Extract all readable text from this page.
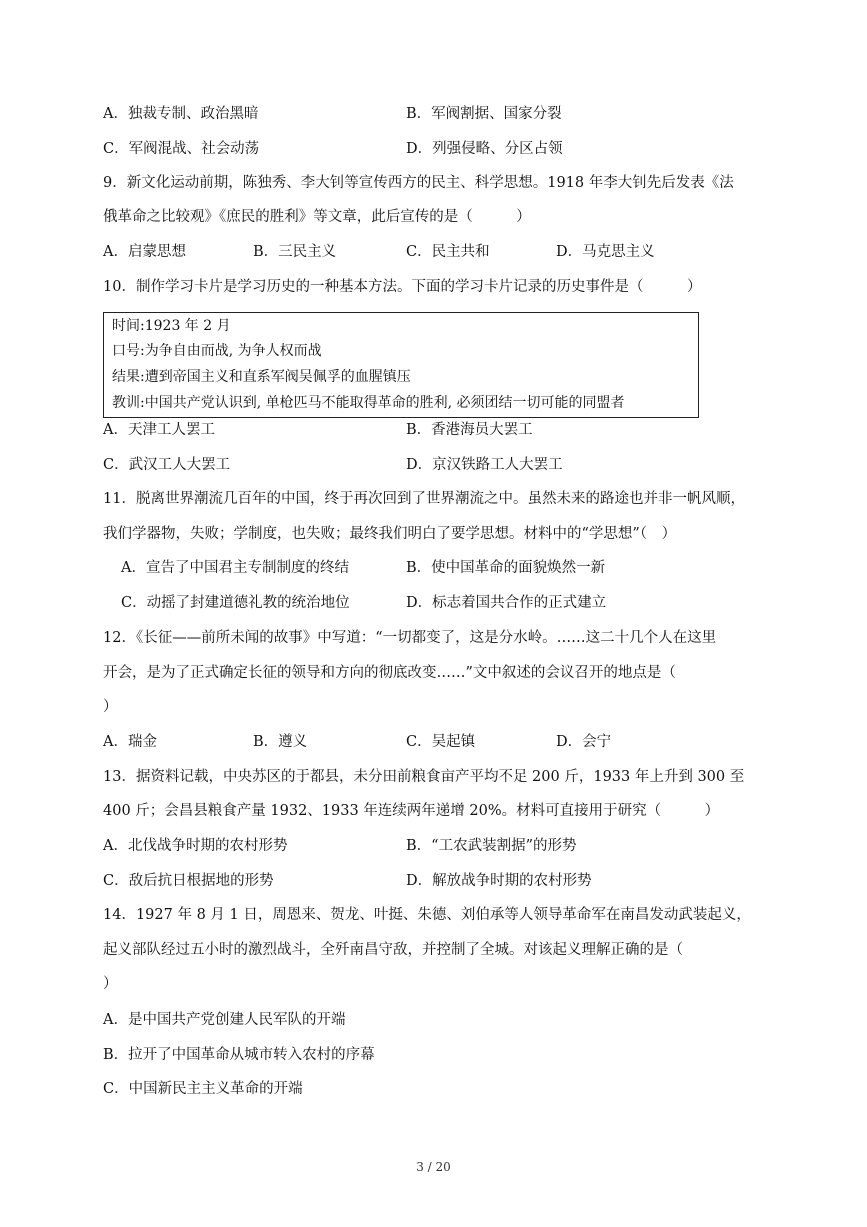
A．独裁专制、政治黑暗	B．军阀割据、国家分裂
C．军阀混战、社会动荡	D．列强侵略、分区占领
9．新文化运动前期，陈独秀、李大钊等宣传西方的民主、科学思想。1918 年李大钊先后发表《法
俄革命之比较观》《庶民的胜利》等文章，此后宣传的是（　　　）
A．启蒙思想	B．三民主义	C．民主共和	D．马克思主义
10．制作学习卡片是学习历史的一种基本方法。下面的学习卡片记录的历史事件是（　　　）
时间:1923 年 2 月
口号:为争自由而战, 为争人权而战
结果:遭到帝国主义和直系军阀吴佩孚的血腥镇压
教训:中国共产党认识到, 单枪匹马不能取得革命的胜利, 必须团结一切可能的同盟者
A．天津工人罢工	B．香港海员大罢工
C．武汉工人大罢工	D．京汉铁路工人大罢工
11．脱离世界潮流几百年的中国，终于再次回到了世界潮流之中。虽然未来的路途也并非一帆风顺，
我们学器物，失败；学制度，也失败；最终我们明白了要学思想。材料中的“学思想”（　）
A．宣告了中国君主专制制度的终结	B．使中国革命的面貌焕然一新
C．动摇了封建道德礼教的统治地位	D．标志着国共合作的正式建立
12．《长征——前所未闻的故事》中写道：“一切都变了，这是分水岭。……这二十几个人在这里
开会，是为了正式确定长征的领导和方向的彻底改变……”文中叙述的会议召开的地点是（
）
A．瑞金	B．遵义	C．吴起镇	D．会宁
13．据资料记载，中央苏区的于都县，未分田前粮食亩产平均不足 200 斤，1933 年上升到 300 至
400 斤；会昌县粮食产量 1932、1933 年连续两年递增 20%。材料可直接用于研究（　　　）
A．北伐战争时期的农村形势	B．“工农武装割据”的形势
C．敌后抗日根据地的形势	D．解放战争时期的农村形势
14．1927 年 8 月 1 日，周恩来、贺龙、叶挺、朱德、刘伯承等人领导革命军在南昌发动武装起义，
起义部队经过五小时的激烈战斗，全歼南昌守敌，并控制了全城。对该起义理解正确的是（
）
A．是中国共产党创建人民军队的开端
B．拉开了中国革命从城市转入农村的序幕
C．中国新民主主义革命的开端
3 / 20
